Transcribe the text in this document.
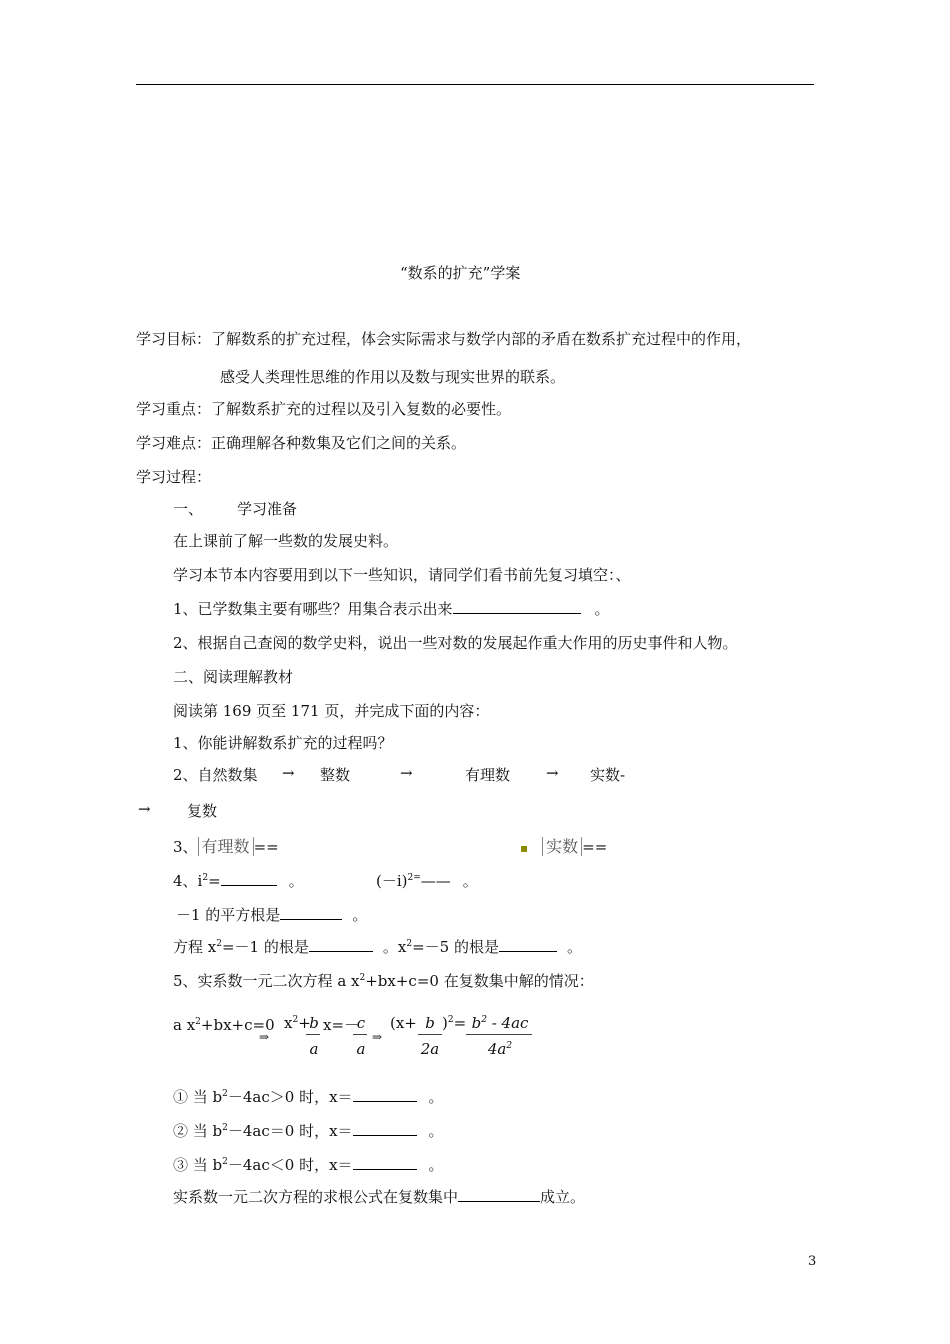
“数系的扩充”学案
学习目标：了解数系的扩充过程，体会实际需求与数学内部的矛盾在数系扩充过程中的作用，
感受人类理性思维的作用以及数与现实世界的联系。
学习重点：了解数系扩充的过程以及引入复数的必要性。
学习难点：正确理解各种数集及它们之间的关系。
学习过程：
一、 学习准备
在上课前了解一些数的发展史料。
学习本节本内容要用到以下一些知识，请同学们看书前先复习填空：、
1、已学数集主要有哪些？用集合表示出来	。
2、根据自己查阅的数学史料，说出一些对数的发展起作重大作用的历史事件和人物。
二、阅读理解教材
阅读第 169 页至 171 页，并完成下面的内容：
1、你能讲解数系扩充的过程吗？
2、自然数集 → 整数	→	有理数 → 实数-
→ 复数
3、 有理数 ==	▪ 实数 ==
4、$i^2=$	。	$(-i)^{2=}——$ 。
－1 的平方根是	。
方程 $x^2=-1$ 的根是	。$x^2=-5$ 的根是	。
5、实系数一元二次方程 a $x^2+bx+c=0$ 在复数集中解的情况：
a $x^2+bx+c=0$
⇒
$x^2+$
b
a
x=－
c
a
⇒
(x+ b
2a
)$^2= b^2 - 4ac$
$4a^2$
① 当 $b^2-4ac>0$ 时，x＝	。
② 当 $b^2-4ac=0$ 时，x＝	。
③ 当 $b^2-4ac<0$ 时，x＝	。
实系数一元二次方程的求根公式在复数集中	成立。
3
